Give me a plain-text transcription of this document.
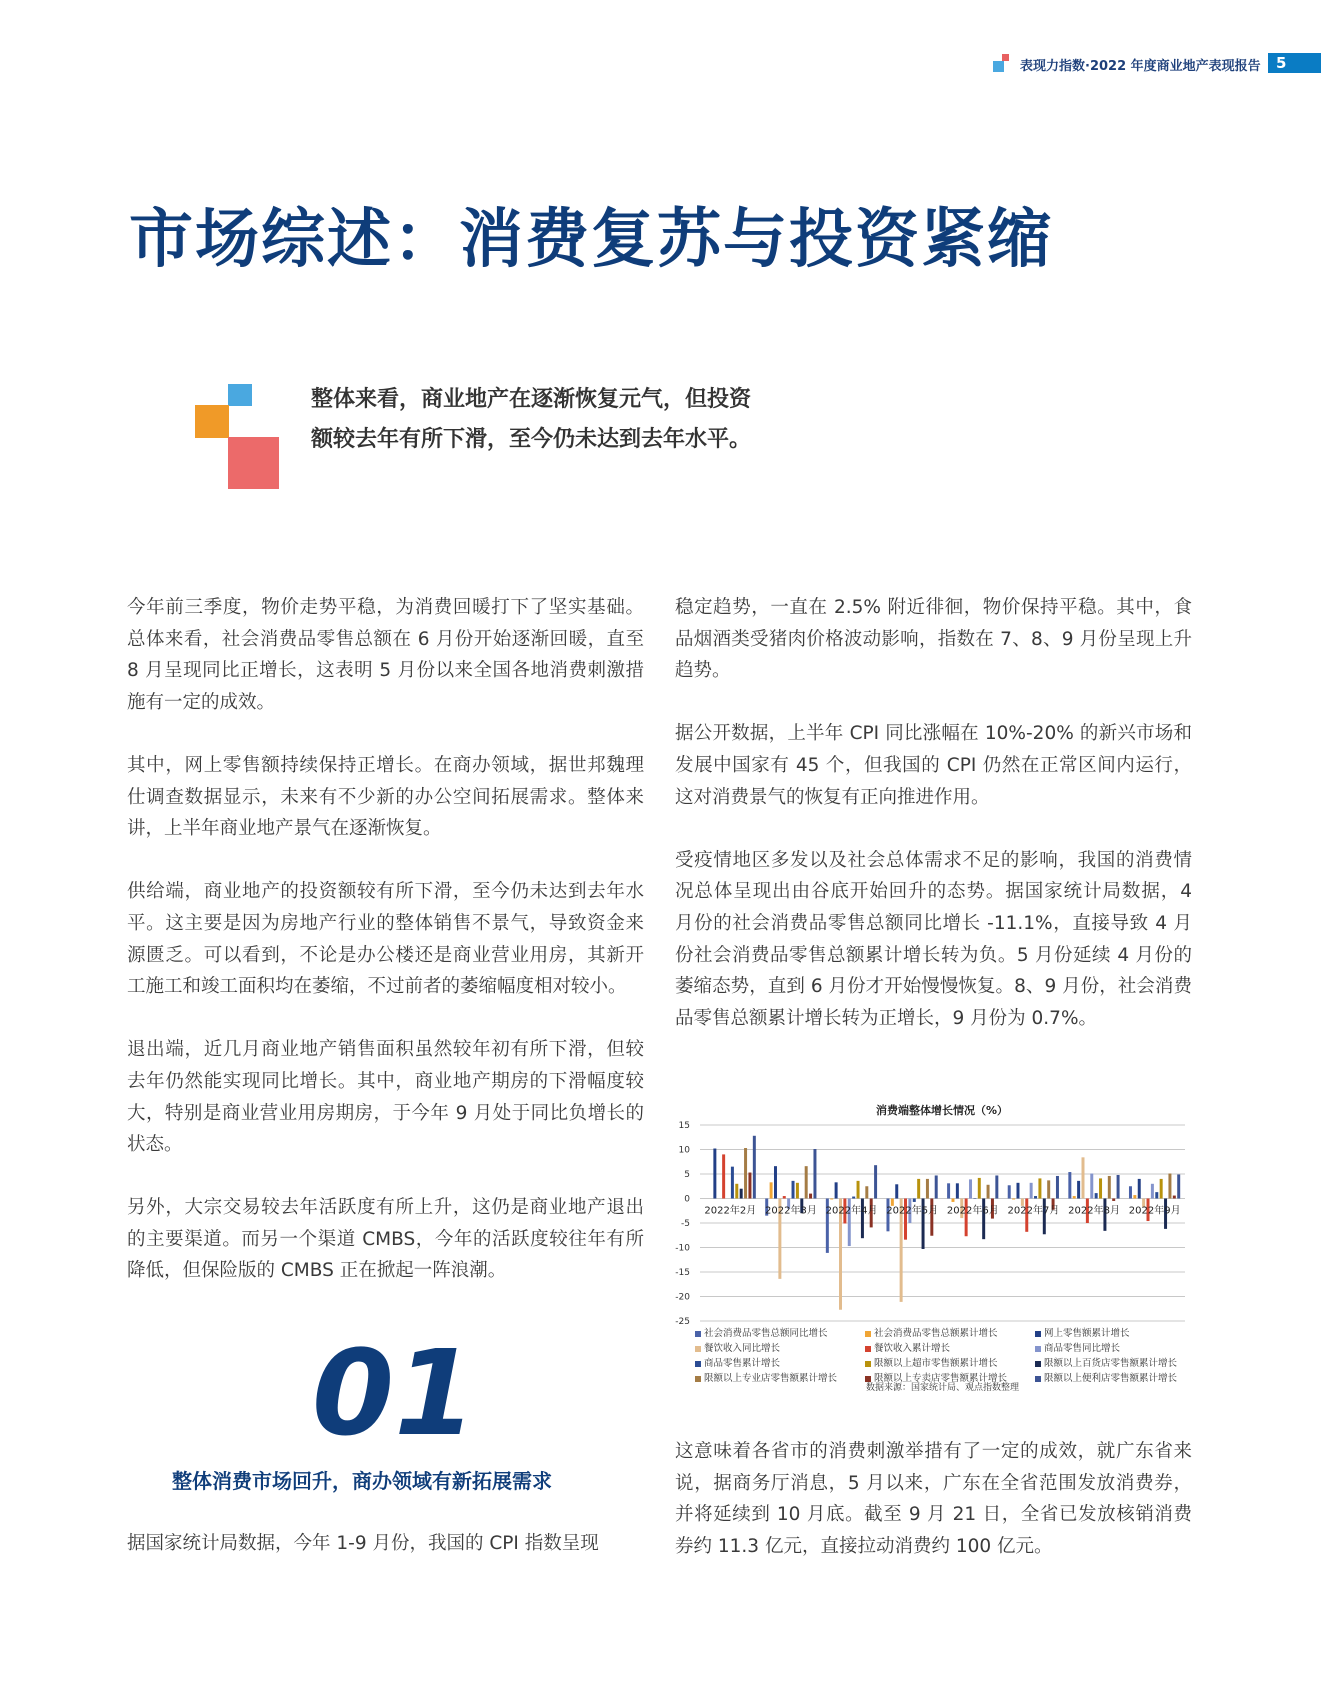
表现力指数·2022 年度商业地产表现报告	5
市场综述：消费复苏与投资紧缩
整体来看，商业地产在逐渐恢复元气，但投资额较去年有所下滑，至今仍未达到去年水平。

今年前三季度，物价走势平稳，为消费回暖打下了坚实基础。总体来看，社会消费品零售总额在 6 月份开始逐渐回暖，直至 8 月呈现同比正增长，这表明 5 月份以来全国各地消费刺激措施有一定的成效。

其中，网上零售额持续保持正增长。在商办领域，据世邦魏理仕调查数据显示，未来有不少新的办公空间拓展需求。整体来讲，上半年商业地产景气在逐渐恢复。

供给端，商业地产的投资额较有所下滑，至今仍未达到去年水平。这主要是因为房地产行业的整体销售不景气，导致资金来源匮乏。可以看到，不论是办公楼还是商业营业用房，其新开工施工和竣工面积均在萎缩，不过前者的萎缩幅度相对较小。

退出端，近几月商业地产销售面积虽然较年初有所下滑，但较去年仍然能实现同比增长。其中，商业地产期房的下滑幅度较大，特别是商业营业用房期房，于今年 9 月处于同比负增长的状态。

另外，大宗交易较去年活跃度有所上升，这仍是商业地产退出的主要渠道。而另一个渠道 CMBS，今年的活跃度较往年有所降低，但保险版的 CMBS 正在掀起一阵浪潮。

01
整体消费市场回升，商办领域有新拓展需求
据国家统计局数据，今年 1-9 月份，我国的 CPI 指数呈现

稳定趋势，一直在 2.5% 附近徘徊，物价保持平稳。其中，食品烟酒类受猪肉价格波动影响，指数在 7、8、9 月份呈现上升趋势。

据公开数据，上半年 CPI 同比涨幅在 10%-20% 的新兴市场和发展中国家有 45 个，但我国的 CPI 仍然在正常区间内运行，这对消费景气的恢复有正向推进作用。

受疫情地区多发以及社会总体需求不足的影响，我国的消费情况总体呈现出由谷底开始回升的态势。据国家统计局数据，4 月份的社会消费品零售总额同比增长 -11.1%，直接导致 4 月份社会消费品零售总额累计增长转为负。5 月份延续 4 月份的萎缩态势，直到 6 月份才开始慢慢恢复。8、9 月份，社会消费品零售总额累计增长转为正增长，9 月份为 0.7%。

消费端整体增长情况（%）
15
10
5
0
-5
-10
-15
-20
-25
2022年2月 2022年3月 2022年4月 2022年5月 2022年6月 2022年7月 2022年8月 2022年9月
社会消费品零售总额同比增长	社会消费品零售总额累计增长	网上零售额累计增长
餐饮收入同比增长	餐饮收入累计增长	商品零售同比增长
商品零售累计增长	限额以上超市零售额累计增长	限额以上百货店零售额累计增长
限额以上专业店零售额累计增长	限额以上专卖店零售额累计增长	限额以上便利店零售额累计增长
数据来源：国家统计局、观点指数整理
这意味着各省市的消费刺激举措有了一定的成效，就广东省来说，据商务厅消息，5 月以来，广东在全省范围发放消费券，并将延续到 10 月底。截至 9 月 21 日，全省已发放核销消费券约 11.3 亿元，直接拉动消费约 100 亿元。
